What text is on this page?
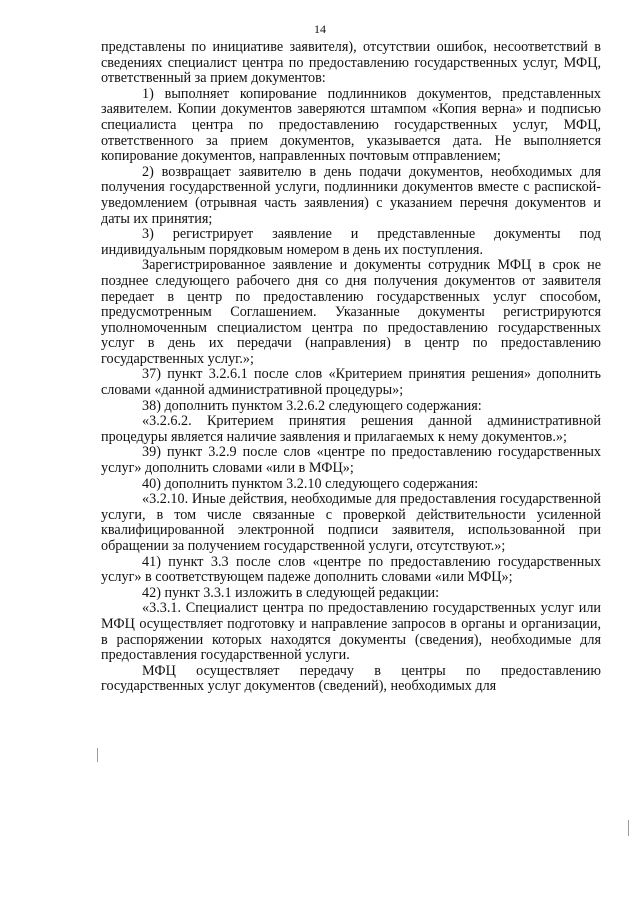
14

представлены по инициативе заявителя), отсутствии ошибок, несоответствий в сведениях специалист центра по предоставлению государственных услуг, МФЦ, ответственный за прием документов:

1) выполняет копирование подлинников документов, представленных заявителем. Копии документов заверяются штампом «Копия верна» и подписью специалиста центра по предоставлению государственных услуг, МФЦ, ответственного за прием документов, указывается дата. Не выполняется копирование документов, направленных почтовым отправлением;

2) возвращает заявителю в день подачи документов, необходимых для получения государственной услуги, подлинники документов вместе с распиской-уведомлением (отрывная часть заявления) с указанием перечня документов и даты их принятия;

3) регистрирует заявление и представленные документы под индивидуальным порядковым номером в день их поступления.

Зарегистрированное заявление и документы сотрудник МФЦ в срок не позднее следующего рабочего дня со дня получения документов от заявителя передает в центр по предоставлению государственных услуг способом, предусмотренным Соглашением. Указанные документы регистрируются уполномоченным специалистом центра по предоставлению государственных услуг в день их передачи (направления) в центр по предоставлению государственных услуг.»;

37) пункт 3.2.6.1 после слов «Критерием принятия решения» дополнить словами «данной административной процедуры»;

38) дополнить пунктом 3.2.6.2 следующего содержания:

«3.2.6.2. Критерием принятия решения данной административной процедуры является наличие заявления и прилагаемых к нему документов.»;

39) пункт 3.2.9 после слов «центре по предоставлению государственных услуг» дополнить словами «или в МФЦ»;

40) дополнить пунктом 3.2.10 следующего содержания:

«3.2.10. Иные действия, необходимые для предоставления государственной услуги, в том числе связанные с проверкой действительности усиленной квалифицированной электронной подписи заявителя, использованной при обращении за получением государственной услуги, отсутствуют.»;

41) пункт 3.3 после слов «центре по предоставлению государственных услуг» в соответствующем падеже дополнить словами «или МФЦ»;

42) пункт 3.3.1 изложить в следующей редакции:

«3.3.1. Специалист центра по предоставлению государственных услуг или МФЦ осуществляет подготовку и направление запросов в органы и организации, в распоряжении которых находятся документы (сведения), необходимые для предоставления государственной услуги.

МФЦ осуществляет передачу в центры по предоставлению государственных услуг документов (сведений), необходимых для
